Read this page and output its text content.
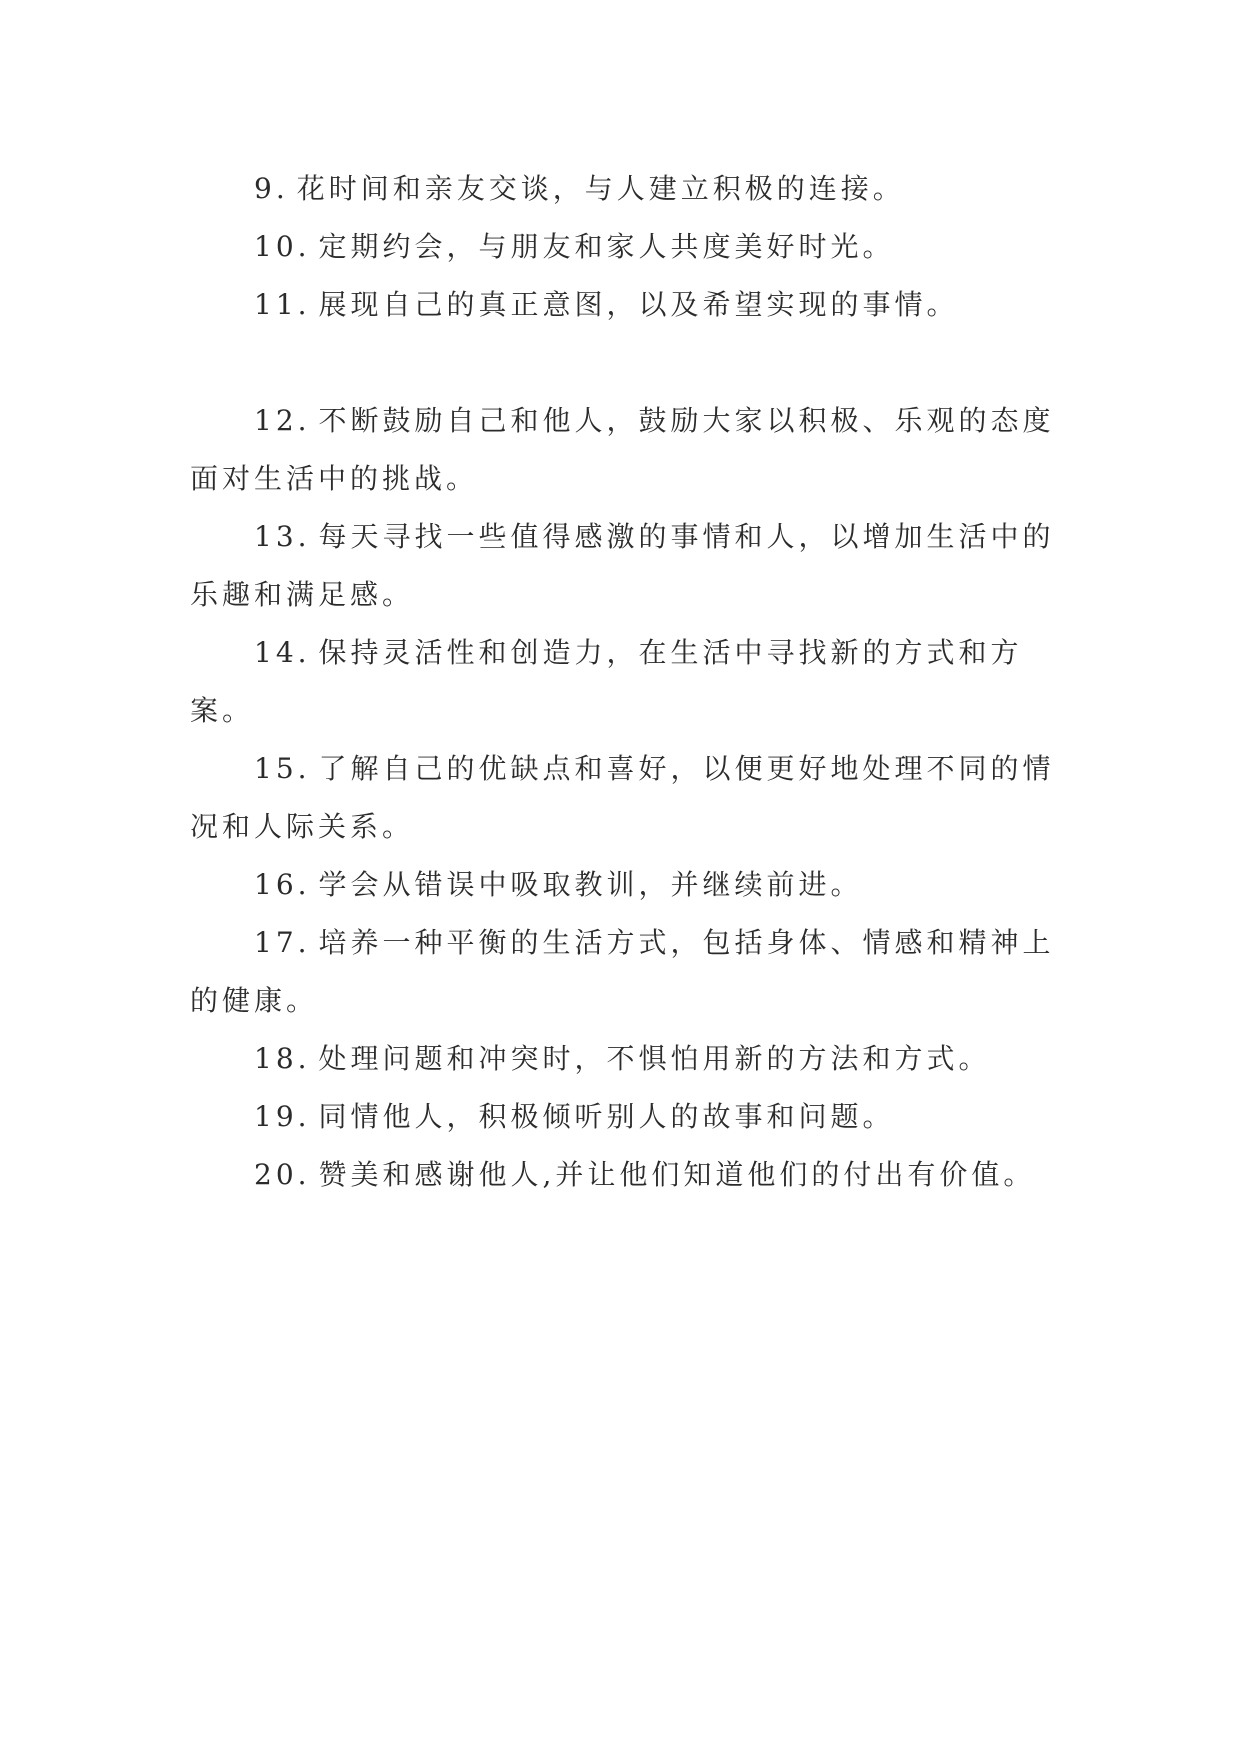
9. 花时间和亲友交谈，与人建立积极的连接。

10. 定期约会，与朋友和家人共度美好时光。

11. 展现自己的真正意图，以及希望实现的事情。

12. 不断鼓励自己和他人，鼓励大家以积极、乐观的态度面对生活中的挑战。

13. 每天寻找一些值得感激的事情和人，以增加生活中的乐趣和满足感。

14. 保持灵活性和创造力，在生活中寻找新的方式和方案。

15. 了解自己的优缺点和喜好，以便更好地处理不同的情况和人际关系。

16. 学会从错误中吸取教训，并继续前进。

17. 培养一种平衡的生活方式，包括身体、情感和精神上的健康。

18. 处理问题和冲突时，不惧怕用新的方法和方式。

19. 同情他人，积极倾听别人的故事和问题。

20. 赞美和感谢他人,并让他们知道他们的付出有价值。
